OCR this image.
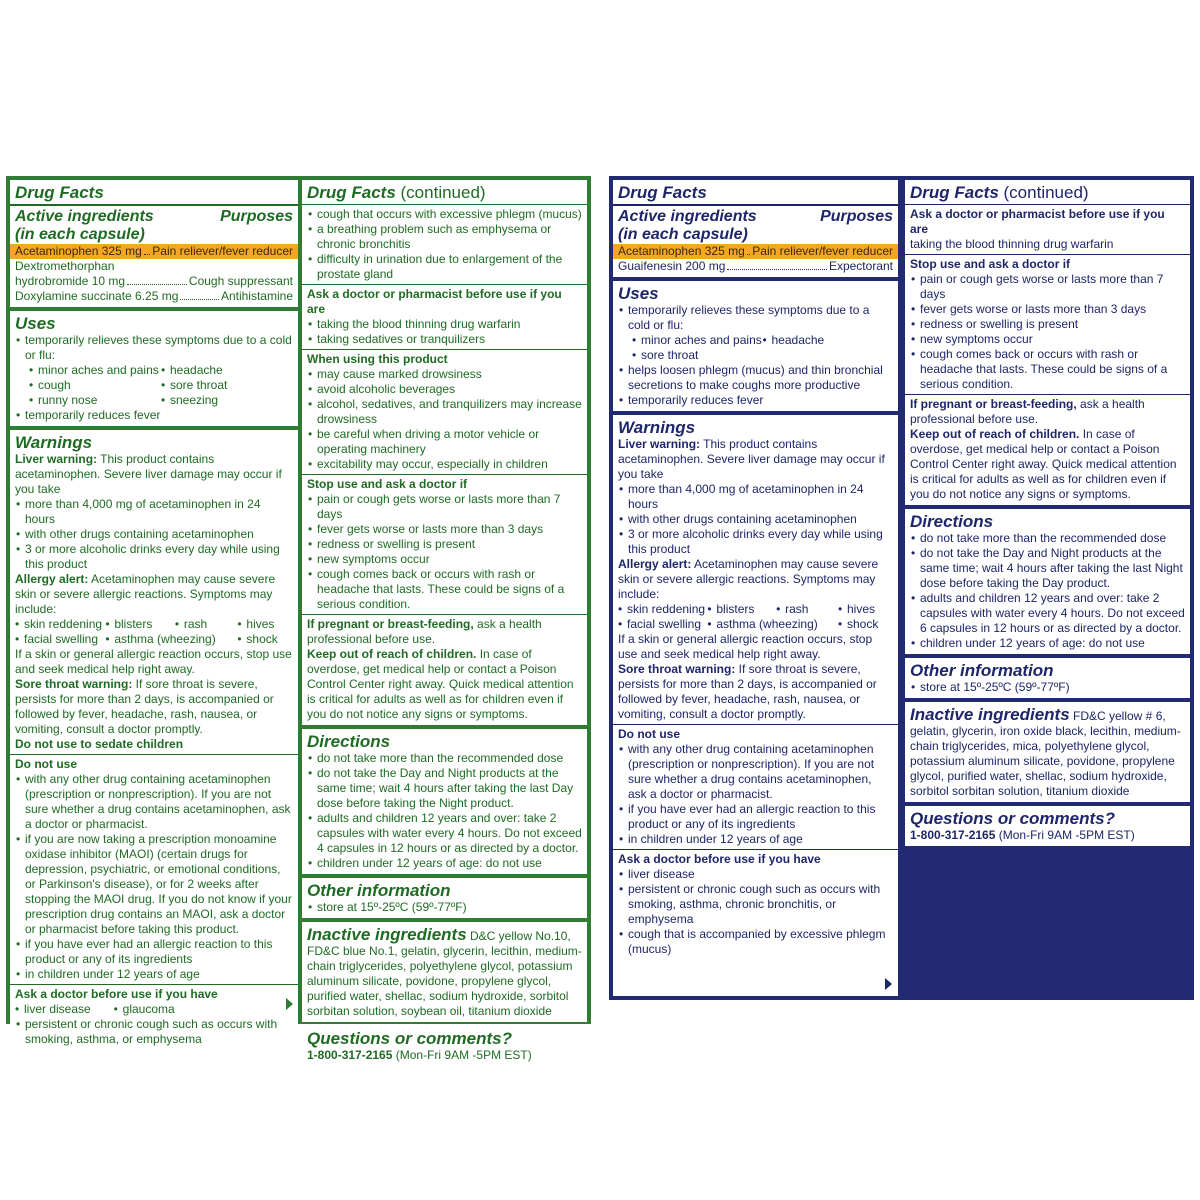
Drug Facts
Active ingredients
(in each capsule)
Purposes
Acetaminophen 325 mg Pain reliever/fever reducer
Dextromethorphan
hydrobromide 10 mg	Cough suppressant
Doxylamine succinate 6.25 mg	Antihistamine
Uses
• temporarily relieves these symptoms due to a cold or flu:
• minor aches and pains • headache
• cough	• sore throat
• runny nose	• sneezing
• temporarily reduces fever
Warnings
Liver warning: This product contains acetaminophen. Severe liver damage may occur if you take
• more than 4,000 mg of acetaminophen in 24 hours
• with other drugs containing acetaminophen
• 3 or more alcoholic drinks every day while using this product
Allergy alert: Acetaminophen may cause severe skin or severe allergic reactions. Symptoms may include:
• skin reddening	• blisters	• rash	• hives
• facial swelling	• asthma (wheezing)	• shock
If a skin or general allergic reaction occurs, stop use and seek medical help right away.
Sore throat warning: If sore throat is severe, persists for more than 2 days, is accompanied or followed by fever, headache, rash, nausea, or vomiting, consult a doctor promptly.
Do not use to sedate children
Do not use
• with any other drug containing acetaminophen (prescription or nonprescription). If you are not sure whether a drug contains acetaminophen, ask a doctor or pharmacist.
• if you are now taking a prescription monoamine oxidase inhibitor (MAOI) (certain drugs for depression, psychiatric, or emotional conditions, or Parkinson's disease), or for 2 weeks after stopping the MAOI drug. If you do not know if your prescription drug contains an MAOI, ask a doctor or pharmacist before taking this product.
• if you have ever had an allergic reaction to this product or any of its ingredients
• in children under 12 years of age
Ask a doctor before use if you have
• liver disease	• glaucoma
• persistent or chronic cough such as occurs with smoking, asthma, or emphysema
Drug Facts (continued)
• cough that occurs with excessive phlegm (mucus)
• a breathing problem such as emphysema or chronic bronchitis
• difficulty in urination due to enlargement of the prostate gland
Ask a doctor or pharmacist before use if you are
• taking the blood thinning drug warfarin
• taking sedatives or tranquilizers
When using this product
• may cause marked drowsiness
• avoid alcoholic beverages
• alcohol, sedatives, and tranquilizers may increase drowsiness
• be careful when driving a motor vehicle or operating machinery
• excitability may occur, especially in children
Stop use and ask a doctor if
• pain or cough gets worse or lasts more than 7 days
• fever gets worse or lasts more than 3 days
• redness or swelling is present
• new symptoms occur
• cough comes back or occurs with rash or headache that lasts. These could be signs of a serious condition.
If pregnant or breast-feeding, ask a health professional before use.
Keep out of reach of children. In case of overdose, get medical help or contact a Poison Control Center right away. Quick medical attention is critical for adults as well as for children even if you do not notice any signs or symptoms.
Directions
• do not take more than the recommended dose
• do not take the Day and Night products at the same time; wait 4 hours after taking the last Day dose before taking the Night product.
• adults and children 12 years and over: take 2 capsules with water every 4 hours. Do not exceed 4 capsules in 12 hours or as directed by a doctor.
• children under 12 years of age: do not use
Other information
• store at 15º-25ºC (59º-77ºF)
Inactive ingredients D&C yellow No.10, FD&C blue No.1, gelatin, glycerin, lecithin, medium-chain triglycerides, polyethylene glycol, potassium aluminum silicate, povidone, propylene glycol, purified water, shellac, sodium hydroxide, sorbitol sorbitan solution, soybean oil, titanium dioxide
Questions or comments?
1-800-317-2165 (Mon-Fri 9AM -5PM EST)
Drug Facts
Active ingredients
(in each capsule)
Purposes
Acetaminophen 325 mg Pain reliever/fever reducer
Guaifenesin 200 mg	Expectorant
Uses
• temporarily relieves these symptoms due to a cold or flu:
• minor aches and pains • headache
• sore throat
• helps loosen phlegm (mucus) and thin bronchial secretions to make coughs more productive
• temporarily reduces fever
Warnings
Liver warning: This product contains acetaminophen. Severe liver damage may occur if you take
• more than 4,000 mg of acetaminophen in 24 hours
• with other drugs containing acetaminophen
• 3 or more alcoholic drinks every day while using this product
Allergy alert: Acetaminophen may cause severe skin or severe allergic reactions. Symptoms may include:
• skin reddening • blisters	• rash	• hives
• facial swelling	• asthma (wheezing)	• shock
If a skin or general allergic reaction occurs, stop use and seek medical help right away.
Sore throat warning: If sore throat is severe, persists for more than 2 days, is accompanied or followed by fever, headache, rash, nausea, or vomiting, consult a doctor promptly.
Do not use
• with any other drug containing acetaminophen (prescription or nonprescription). If you are not sure whether a drug contains acetaminophen, ask a doctor or pharmacist.
• if you have ever had an allergic reaction to this product or any of its ingredients
• in children under 12 years of age
Ask a doctor before use if you have
• liver disease
• persistent or chronic cough such as occurs with smoking, asthma, chronic bronchitis, or emphysema
• cough that is accompanied by excessive phlegm (mucus)
Drug Facts (continued)
Ask a doctor or pharmacist before use if you are
taking the blood thinning drug warfarin
Stop use and ask a doctor if
• pain or cough gets worse or lasts more than 7 days
• fever gets worse or lasts more than 3 days
• redness or swelling is present
• new symptoms occur
• cough comes back or occurs with rash or headache that lasts. These could be signs of a serious condition.
If pregnant or breast-feeding, ask a health professional before use.
Keep out of reach of children. In case of overdose, get medical help or contact a Poison Control Center right away. Quick medical attention is critical for adults as well as for children even if you do not notice any signs or symptoms.
Directions
• do not take more than the recommended dose
• do not take the Day and Night products at the same time; wait 4 hours after taking the last Night dose before taking the Day product.
• adults and children 12 years and over: take 2 capsules with water every 4 hours. Do not exceed 6 capsules in 12 hours or as directed by a doctor.
• children under 12 years of age: do not use
Other information
• store at 15º-25ºC (59º-77ºF)
Inactive ingredients FD&C yellow # 6, gelatin, glycerin, iron oxide black, lecithin, medium-chain triglycerides, mica, polyethylene glycol, potassium aluminum silicate, povidone, propylene glycol, purified water, shellac, sodium hydroxide, sorbitol sorbitan solution, titanium dioxide
Questions or comments?
1-800-317-2165 (Mon-Fri 9AM -5PM EST)
